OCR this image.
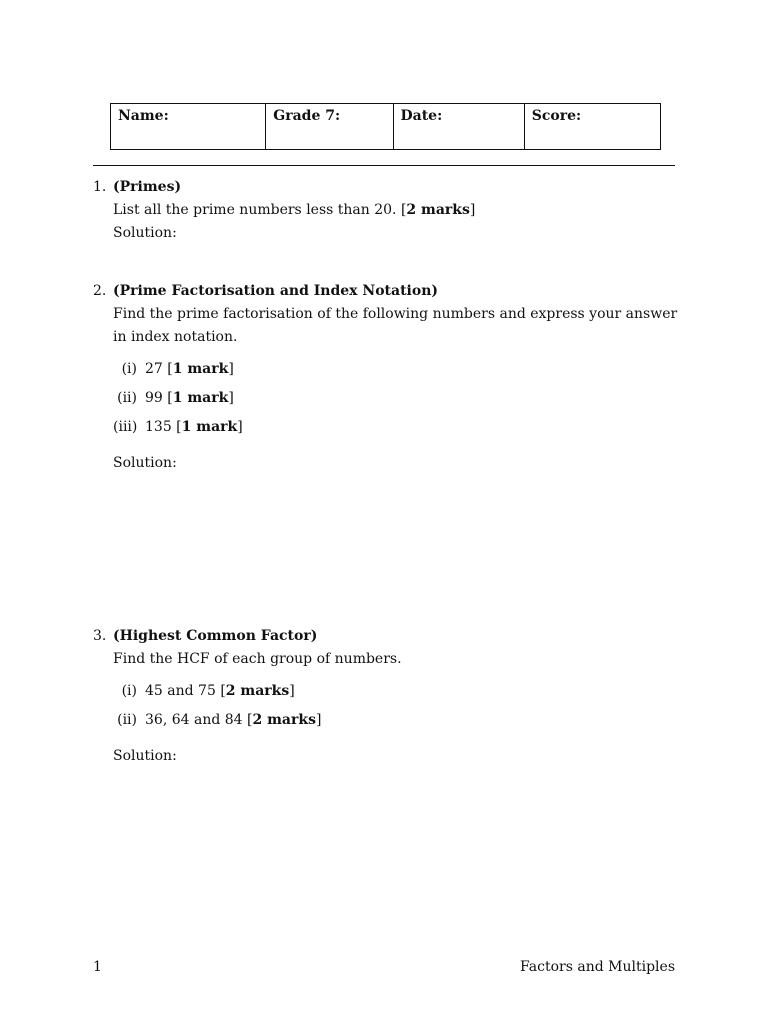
Name:	Grade 7:	Date:	Score:
1. (Primes)
List all the prime numbers less than 20. [2 marks]
Solution:
2. (Prime Factorisation and Index Notation)
Find the prime factorisation of the following numbers and express your answer in index notation.
(i) 27 [1 mark]
(ii) 99 [1 mark]
(iii) 135 [1 mark]
Solution:
3. (Highest Common Factor)
Find the HCF of each group of numbers.
(i) 45 and 75 [2 marks]
(ii) 36, 64 and 84 [2 marks]
Solution:
1	Factors and Multiples
